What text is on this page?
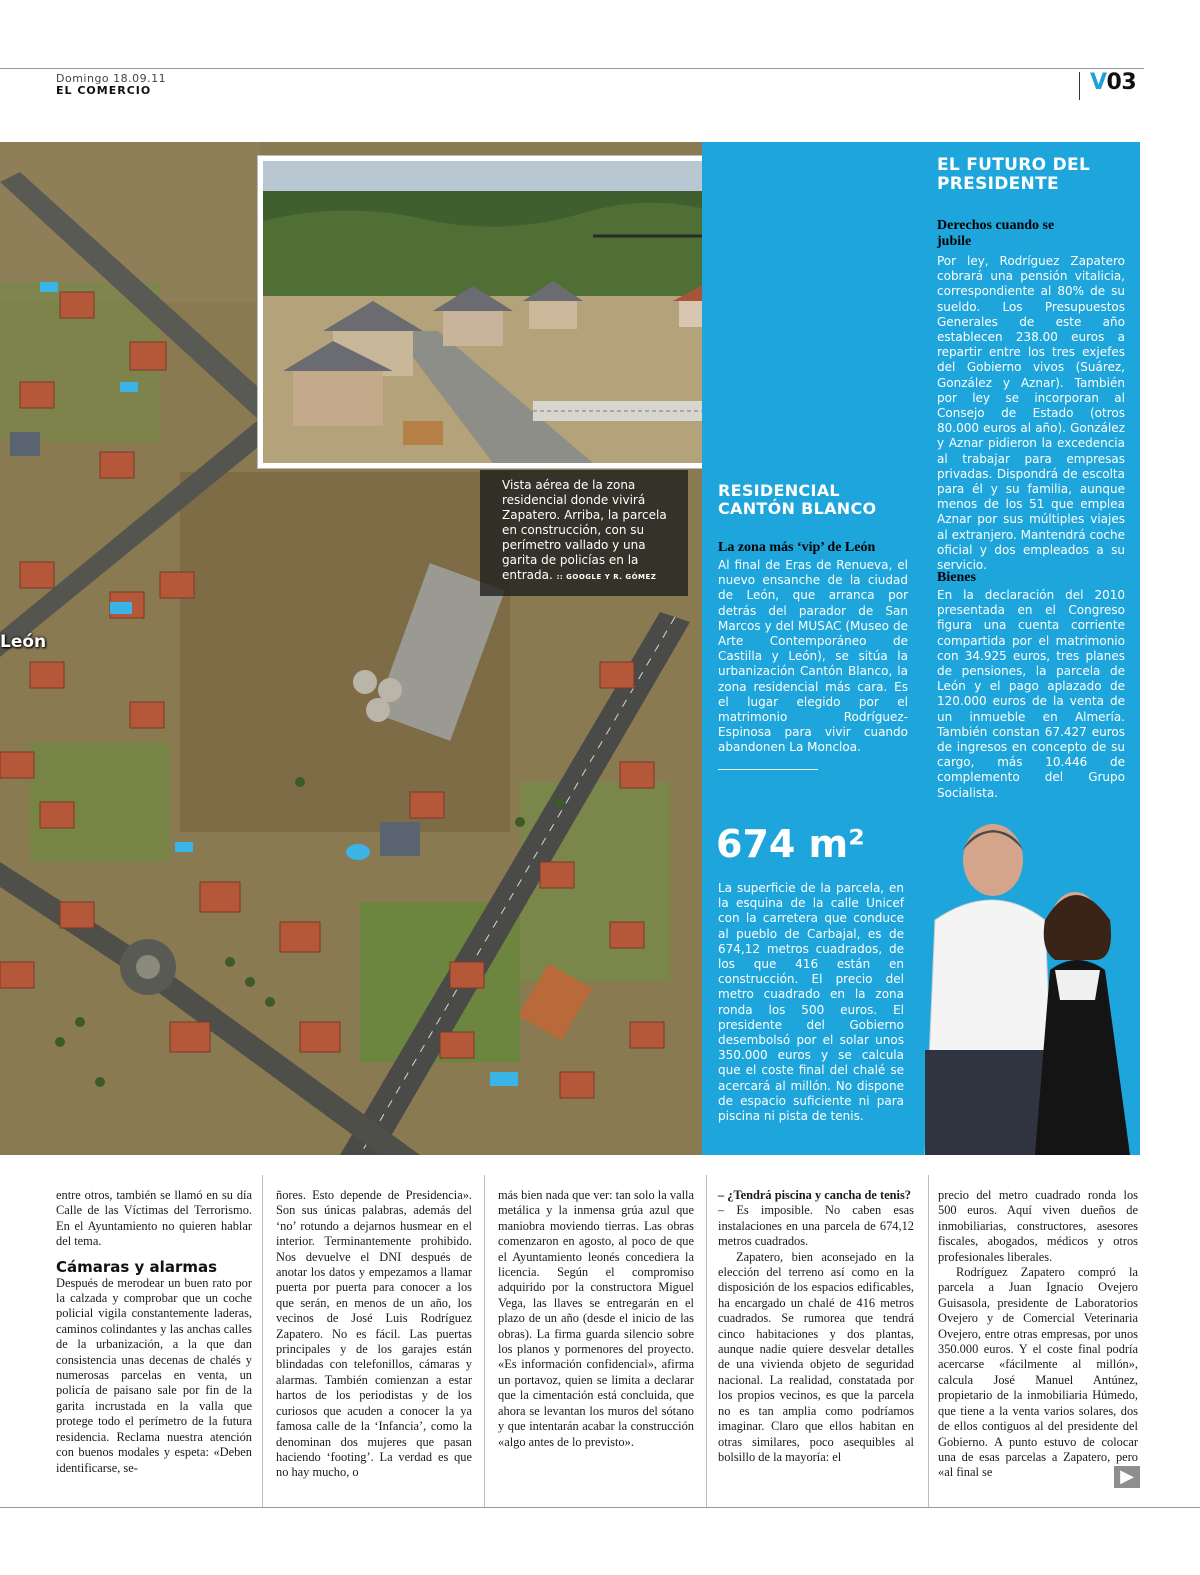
Domingo 18.09.11
EL COMERCIO	V03
León
Vista aérea de la zona residencial donde vivirá Zapatero. Arriba, la parcela en construcción, con su perímetro vallado y una garita de policías en la entrada. :: GOOGLE Y R. GÓMEZ
RESIDENCIAL CANTÓN BLANCO
La zona más ‘vip’ de León
Al final de Eras de Renueva, el nuevo ensanche de la ciudad de León, que arranca por detrás del parador de San Marcos y del MUSAC (Museo de Arte Contemporáneo de Castilla y León), se sitúa la urbanización Cantón Blanco, la zona residencial más cara. Es el lugar elegido por el matrimonio Rodríguez-Espinosa para vivir cuando abandonen La Moncloa.
674 m²
La superficie de la parcela, en la esquina de la calle Unicef con la carretera que conduce al pueblo de Carbajal, es de 674,12 metros cuadrados, de los que 416 están en construcción. El precio del metro cuadrado en la zona ronda los 500 euros. El presidente del Gobierno desembolsó por el solar unos 350.000 euros y se calcula que el coste final del chalé se acercará al millón. No dispone de espacio suficiente ni para piscina ni pista de tenis.
EL FUTURO DEL PRESIDENTE
Derechos cuando se jubile
Por ley, Rodríguez Zapatero cobrará una pensión vitalicia, correspondiente al 80% de su sueldo. Los Presupuestos Generales de este año establecen 238.00 euros a repartir entre los tres exjefes del Gobierno vivos (Suárez, González y Aznar). También por ley se incorporan al Consejo de Estado (otros 80.000 euros al año). González y Aznar pidieron la excedencia al trabajar para empresas privadas. Dispondrá de escolta para él y su familia, aunque menos de los 51 que emplea Aznar por sus múltiples viajes al extranjero. Mantendrá coche oficial y dos empleados a su servicio.
Bienes
En la declaración del 2010 presentada en el Congreso figura una cuenta corriente compartida por el matrimonio con 34.925 euros, tres planes de pensiones, la parcela de León y el pago aplazado de 120.000 euros de la venta de un inmueble en Almería. También constan 67.427 euros de ingresos en concepto de su cargo, más 10.446 de complemento del Grupo Socialista.

entre otros, también se llamó en su día Calle de las Víctimas del Terrorismo. En el Ayuntamiento no quieren hablar del tema.

Cámaras y alarmas

Después de merodear un buen rato por la calzada y comprobar que un coche policial vigila constantemente laderas, caminos colindantes y las anchas calles de la urbanización, a la que dan consistencia unas decenas de chalés y numerosas parcelas en venta, un policía de paisano sale por fin de la garita incrustada en la valla que protege todo el perímetro de la futura residencia. Reclama nuestra atención con buenos modales y espeta: «Deben identificarse, se-

ñores. Esto depende de Presidencia». Son sus únicas palabras, además del ‘no’ rotundo a dejarnos husmear en el interior. Terminantemente prohibido. Nos devuelve el DNI después de anotar los datos y empezamos a llamar puerta por puerta para conocer a los que serán, en menos de un año, los vecinos de José Luis Rodríguez Zapatero. No es fácil. Las puertas principales y de los garajes están blindadas con telefonillos, cámaras y alarmas. También comienzan a estar hartos de los periodistas y de los curiosos que acuden a conocer la ya famosa calle de la ‘Infancia’, como la denominan dos mujeres que pasan haciendo ‘footing’. La verdad es que no hay mucho, o

más bien nada que ver: tan solo la valla metálica y la inmensa grúa azul que maniobra moviendo tierras. Las obras comenzaron en agosto, al poco de que el Ayuntamiento leonés concediera la licencia. Según el compromiso adquirido por la constructora Miguel Vega, las llaves se entregarán en el plazo de un año (desde el inicio de las obras). La firma guarda silencio sobre los planos y pormenores del proyecto. «Es información confidencial», afirma un portavoz, quien se limita a declarar que la cimentación está concluida, que ahora se levantan los muros del sótano y que intentarán acabar la construcción «algo antes de lo previsto».

– ¿Tendrá piscina y cancha de tenis?

– Es imposible. No caben esas instalaciones en una parcela de 674,12 metros cuadrados.

Zapatero, bien aconsejado en la elección del terreno así como en la disposición de los espacios edificables, ha encargado un chalé de 416 metros cuadrados. Se rumorea que tendrá cinco habitaciones y dos plantas, aunque nadie quiere desvelar detalles de una vivienda objeto de seguridad nacional. La realidad, constatada por los propios vecinos, es que la parcela no es tan amplia como podríamos imaginar. Claro que ellos habitan en otras similares, poco asequibles al bolsillo de la mayoría: el

precio del metro cuadrado ronda los 500 euros. Aquí viven dueños de inmobiliarias, constructores, asesores fiscales, abogados, médicos y otros profesionales liberales.

Rodríguez Zapatero compró la parcela a Juan Ignacio Ovejero Guisasola, presidente de Laboratorios Ovejero y de Comercial Veterinaria Ovejero, entre otras empresas, por unos 350.000 euros. Y el coste final podría acercarse «fácilmente al millón», calcula José Manuel Antúnez, propietario de la inmobiliaria Húmedo, que tiene a la venta varios solares, dos de ellos contiguos al del presidente del Gobierno. A punto estuvo de colocar una de esas parcelas a Zapatero, pero «al final se	▶
